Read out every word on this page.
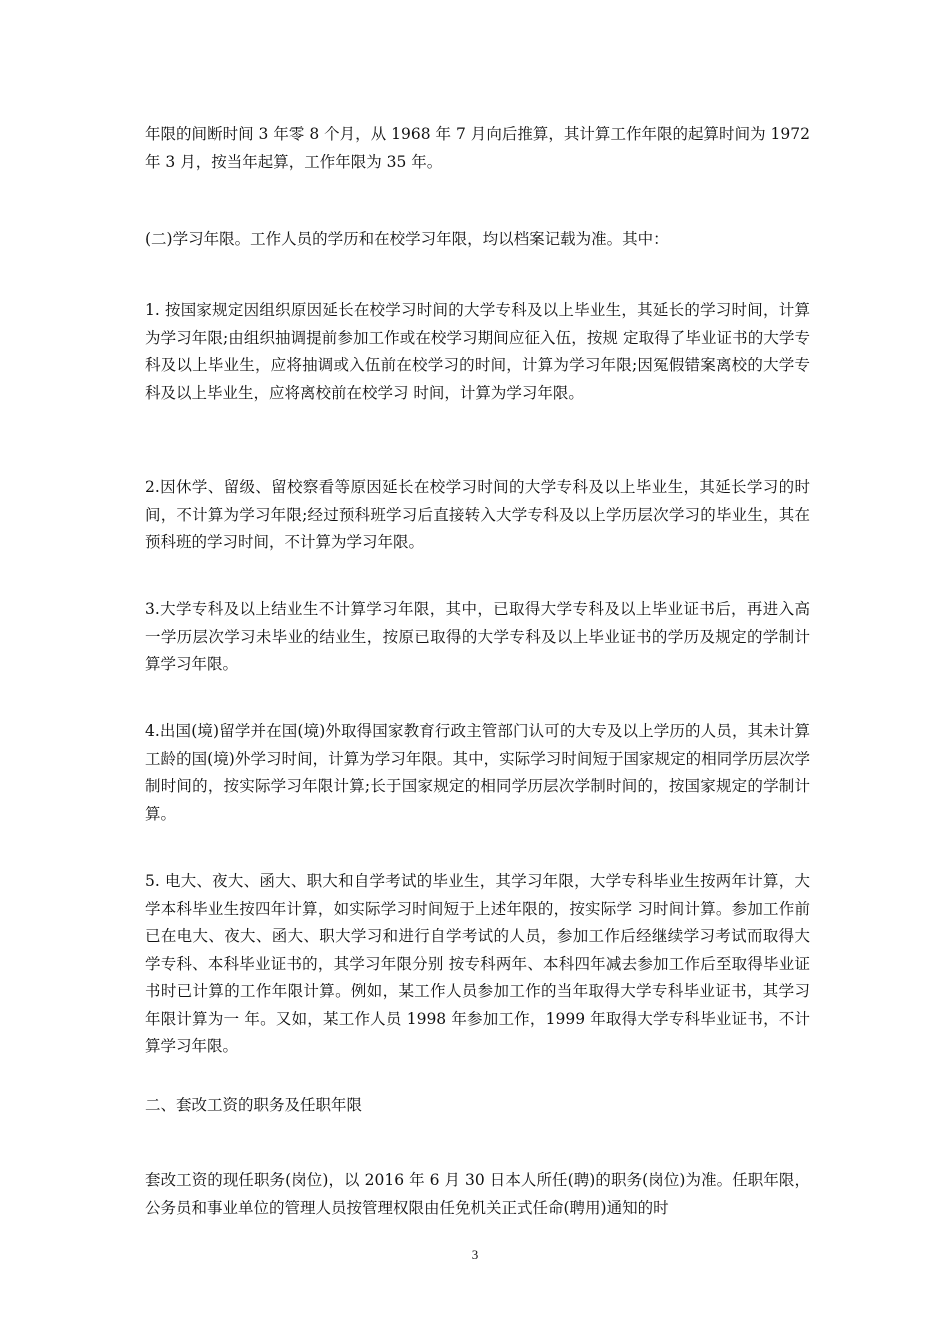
年限的间断时间 3 年零 8 个月，从 1968 年 7 月向后推算，其计算工作年限的起算时间为 1972 年 3 月，按当年起算，工作年限为 35 年。

(二)学习年限。工作人员的学历和在校学习年限，均以档案记载为准。其中：

1. 按国家规定因组织原因延长在校学习时间的大学专科及以上毕业生，其延长的学习时间，计算为学习年限;由组织抽调提前参加工作或在校学习期间应征入伍，按规 定取得了毕业证书的大学专科及以上毕业生，应将抽调或入伍前在校学习的时间，计算为学习年限;因冤假错案离校的大学专科及以上毕业生，应将离校前在校学习 时间，计算为学习年限。

2.因休学、留级、留校察看等原因延长在校学习时间的大学专科及以上毕业生，其延长学习的时间，不计算为学习年限;经过预科班学习后直接转入大学专科及以上学历层次学习的毕业生，其在预科班的学习时间，不计算为学习年限。

3.大学专科及以上结业生不计算学习年限，其中，已取得大学专科及以上毕业证书后，再进入高一学历层次学习未毕业的结业生，按原已取得的大学专科及以上毕业证书的学历及规定的学制计算学习年限。

4.出国(境)留学并在国(境)外取得国家教育行政主管部门认可的大专及以上学历的人员，其未计算工龄的国(境)外学习时间，计算为学习年限。其中，实际学习时间短于国家规定的相同学历层次学制时间的，按实际学习年限计算;长于国家规定的相同学历层次学制时间的，按国家规定的学制计算。

5. 电大、夜大、函大、职大和自学考试的毕业生，其学习年限，大学专科毕业生按两年计算，大学本科毕业生按四年计算，如实际学习时间短于上述年限的，按实际学 习时间计算。参加工作前已在电大、夜大、函大、职大学习和进行自学考试的人员，参加工作后经继续学习考试而取得大学专科、本科毕业证书的，其学习年限分别 按专科两年、本科四年减去参加工作后至取得毕业证书时已计算的工作年限计算。例如，某工作人员参加工作的当年取得大学专科毕业证书，其学习年限计算为一 年。又如，某工作人员 1998 年参加工作，1999 年取得大学专科毕业证书，不计算学习年限。

二、套改工资的职务及任职年限

套改工资的现任职务(岗位)，以 2016 年 6 月 30 日本人所任(聘)的职务(岗位)为准。任职年限，公务员和事业单位的管理人员按管理权限由任免机关正式任命(聘用)通知的时

3
